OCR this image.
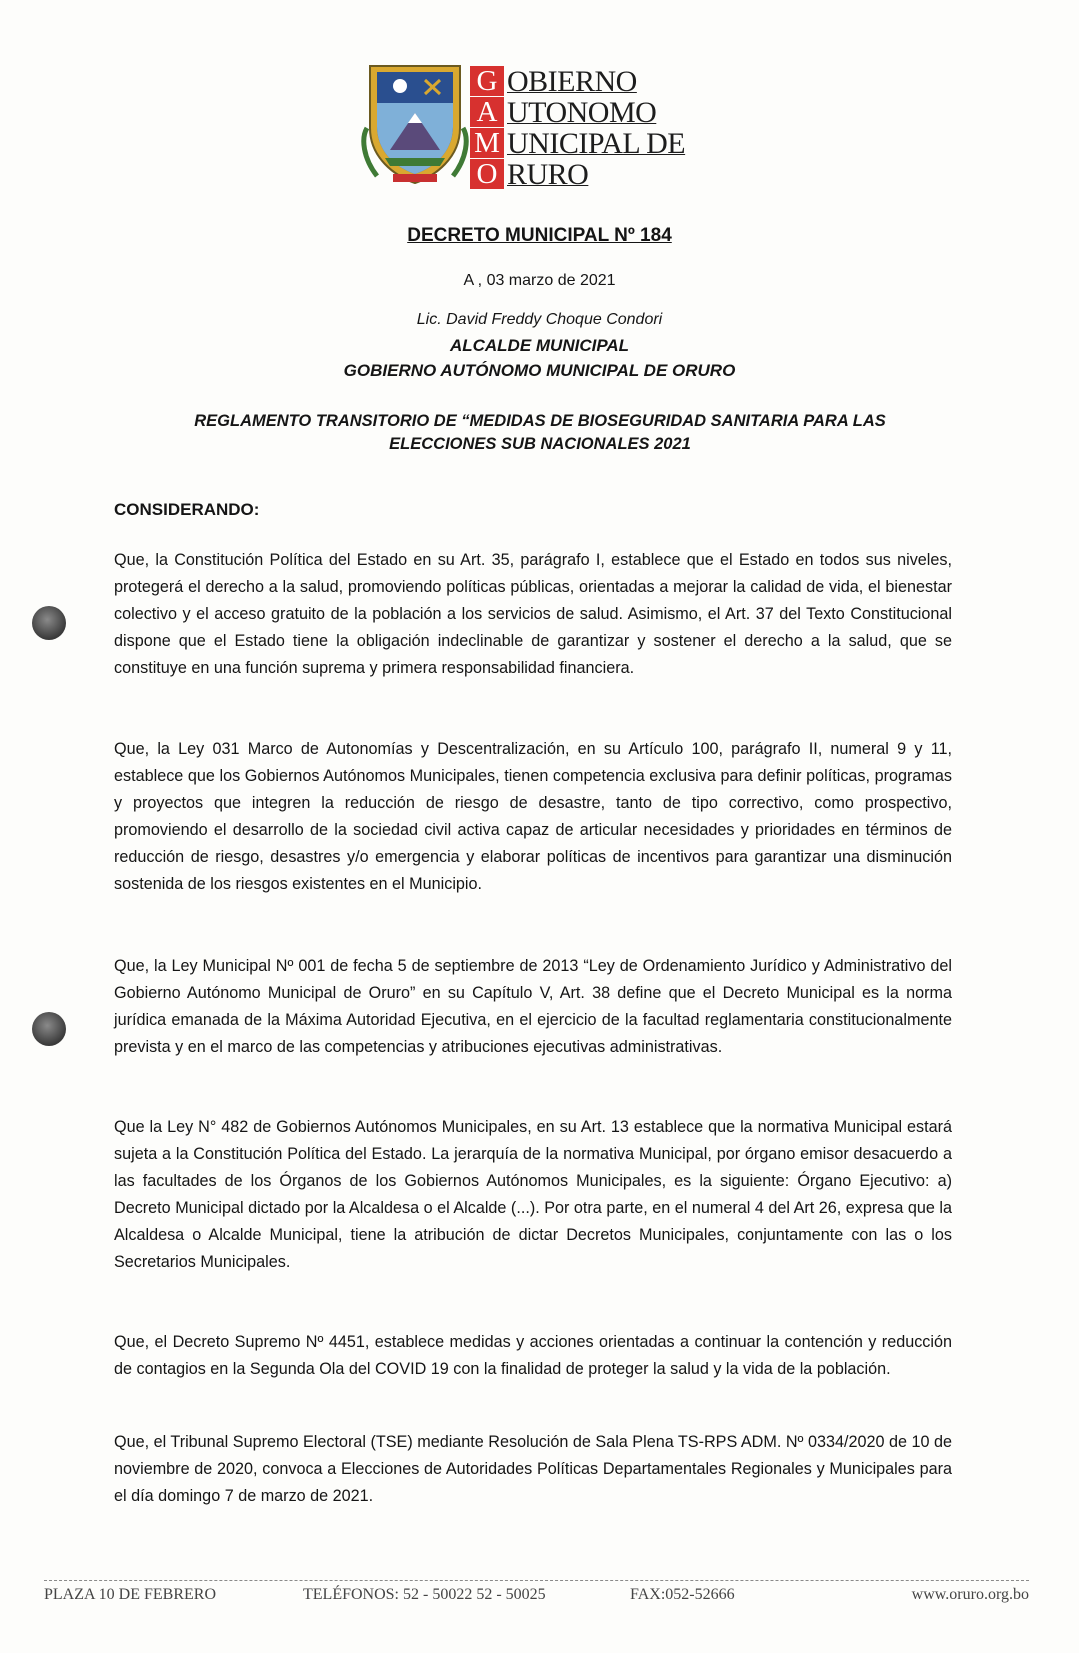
G
A
M
O
OBIERNO
UTONOMO
UNICIPAL DE
RURO
DECRETO MUNICIPAL Nº 184
A , 03 marzo de 2021
Lic. David Freddy Choque Condori
ALCALDE MUNICIPAL
GOBIERNO AUTÓNOMO MUNICIPAL DE ORURO
REGLAMENTO TRANSITORIO DE “MEDIDAS DE BIOSEGURIDAD SANITARIA PARA LAS ELECCIONES SUB NACIONALES 2021
CONSIDERANDO:
Que, la Constitución Política del Estado en su Art. 35, parágrafo I, establece que el Estado en todos sus niveles, protegerá el derecho a la salud, promoviendo políticas públicas, orientadas a mejorar la calidad de vida, el bienestar colectivo y el acceso gratuito de la población a los servicios de salud. Asimismo, el Art. 37 del Texto Constitucional dispone que el Estado tiene la obligación indeclinable de garantizar y sostener el derecho a la salud, que se constituye en una función suprema y primera responsabilidad financiera.
Que, la Ley 031 Marco de Autonomías y Descentralización, en su Artículo 100, parágrafo II, numeral 9 y 11, establece que los Gobiernos Autónomos Municipales, tienen competencia exclusiva para definir políticas, programas y proyectos que integren la reducción de riesgo de desastre, tanto de tipo correctivo, como prospectivo, promoviendo el desarrollo de la sociedad civil activa capaz de articular necesidades y prioridades en términos de reducción de riesgo, desastres y/o emergencia y elaborar políticas de incentivos para garantizar una disminución sostenida de los riesgos existentes en el Municipio.
Que, la Ley Municipal Nº 001 de fecha 5 de septiembre de 2013 “Ley de Ordenamiento Jurídico y Administrativo del Gobierno Autónomo Municipal de Oruro” en su Capítulo V, Art. 38 define que el Decreto Municipal es la norma jurídica emanada de la Máxima Autoridad Ejecutiva, en el ejercicio de la facultad reglamentaria constitucionalmente prevista y en el marco de las competencias y atribuciones ejecutivas administrativas.
Que la Ley N° 482 de Gobiernos Autónomos Municipales, en su Art. 13 establece que la normativa Municipal estará sujeta a la Constitución Política del Estado. La jerarquía de la normativa Municipal, por órgano emisor desacuerdo a las facultades de los Órganos de los Gobiernos Autónomos Municipales, es la siguiente: Órgano Ejecutivo: a) Decreto Municipal dictado por la Alcaldesa o el Alcalde (...). Por otra parte, en el numeral 4 del Art 26, expresa que la Alcaldesa o Alcalde Municipal, tiene la atribución de dictar Decretos Municipales, conjuntamente con las o los Secretarios Municipales.
Que, el Decreto Supremo Nº 4451, establece medidas y acciones orientadas a continuar la contención y reducción de contagios en la Segunda Ola del COVID 19 con la finalidad de proteger la salud y la vida de la población.
Que, el Tribunal Supremo Electoral (TSE) mediante Resolución de Sala Plena TS-RPS ADM. Nº 0334/2020 de 10 de noviembre de 2020, convoca a Elecciones de Autoridades Políticas Departamentales Regionales y Municipales para el día domingo 7 de marzo de 2021.
PLAZA 10 DE FEBRERO	TELÉFONOS: 52 - 50022 52 - 50025	FAX:052-52666	www.oruro.org.bo
